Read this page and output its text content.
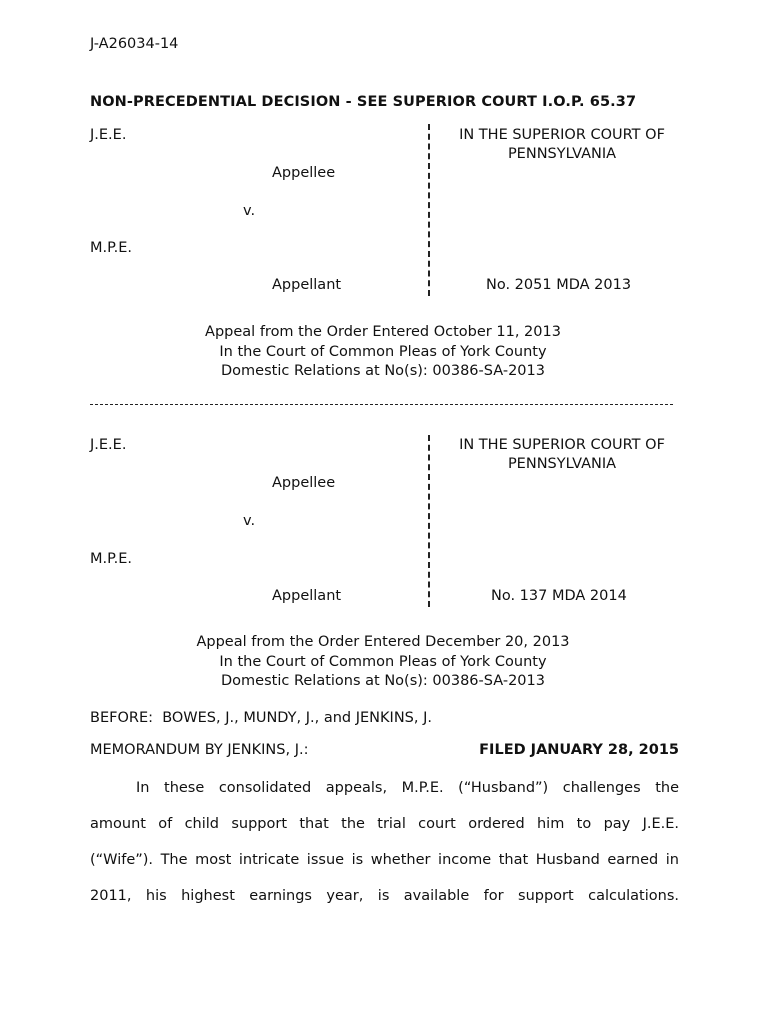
J-A26034-14
NON-PRECEDENTIAL DECISION - SEE SUPERIOR COURT I.O.P. 65.37
J.E.E.
Appellee
v.
M.P.E.
Appellant
IN THE SUPERIOR COURT OF
PENNSYLVANIA
No. 2051 MDA 2013
Appeal from the Order Entered October 11, 2013
In the Court of Common Pleas of York County
Domestic Relations at No(s): 00386-SA-2013
J.E.E.
Appellee
v.
M.P.E.
Appellant
IN THE SUPERIOR COURT OF
PENNSYLVANIA
No. 137 MDA 2014
Appeal from the Order Entered December 20, 2013
In the Court of Common Pleas of York County
Domestic Relations at No(s): 00386-SA-2013
BEFORE:  BOWES, J., MUNDY, J., and JENKINS, J.
MEMORANDUM BY JENKINS, J.:	FILED JANUARY 28, 2015
In these consolidated appeals, M.P.E. (“Husband”) challenges the
amount of child support that the trial court ordered him to pay J.E.E.
(“Wife”). The most intricate issue is whether income that Husband earned in
2011, his highest earnings year, is available for support calculations.
